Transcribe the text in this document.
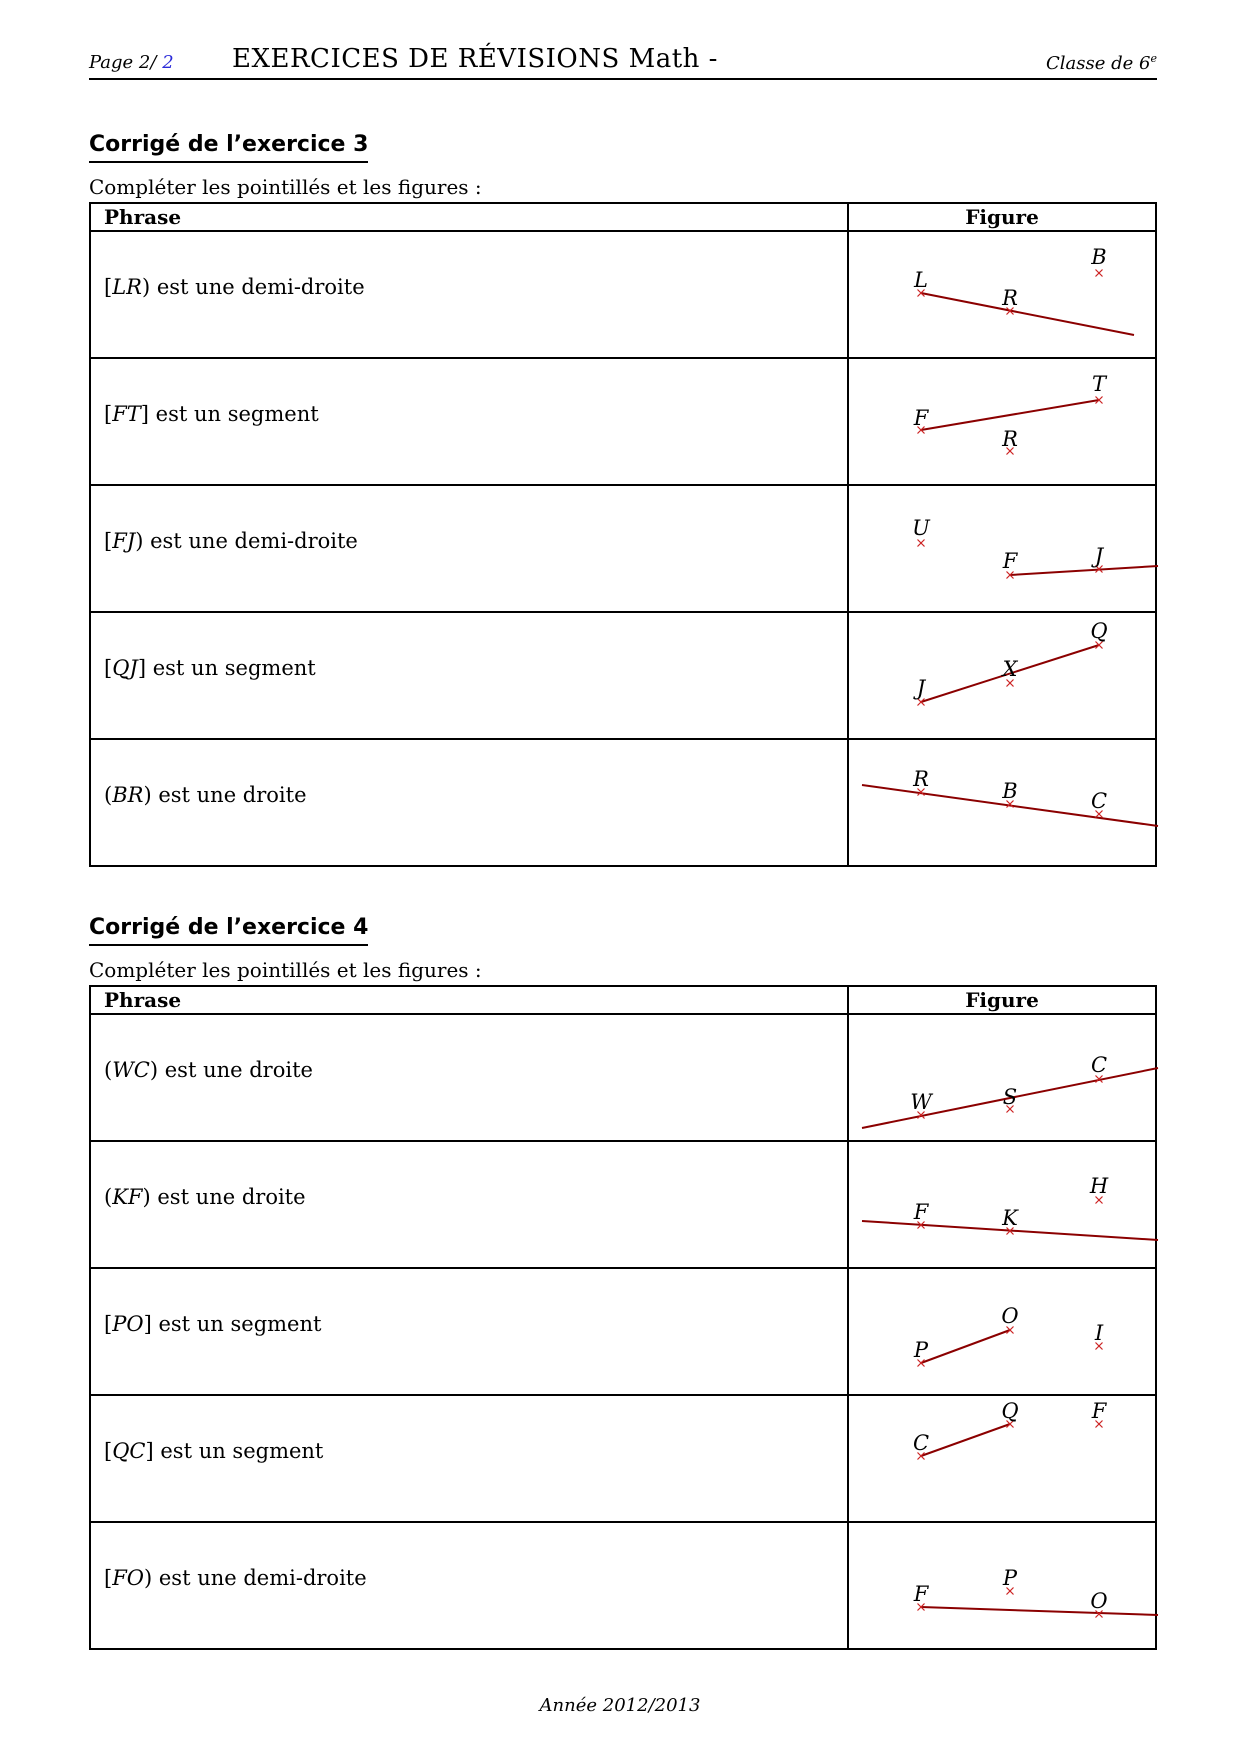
Page 2/ 2 EXERCICES DE RÉVISIONS Math -	Classe de 6e
Corrigé de l’exercice 3
Compléter les pointillés et les figures :
Phrase	Figure
[LR) est une demi-droite	L
R
B

[FT] est un segment	F
R
T

[FJ) est une demi-droite	U
F J

[QJ] est un segment	J
X
Q

(BR) est une droite	R B C
Corrigé de l’exercice 4
Compléter les pointillés et les figures :
Phrase	Figure
(WC) est une droite	W S
C

(KF) est une droite	F K
H

[PO] est un segment	P
O
I

[QC] est un segment	C
Q F

[FO) est une demi-droite	F
P
O
Année 2012/2013
